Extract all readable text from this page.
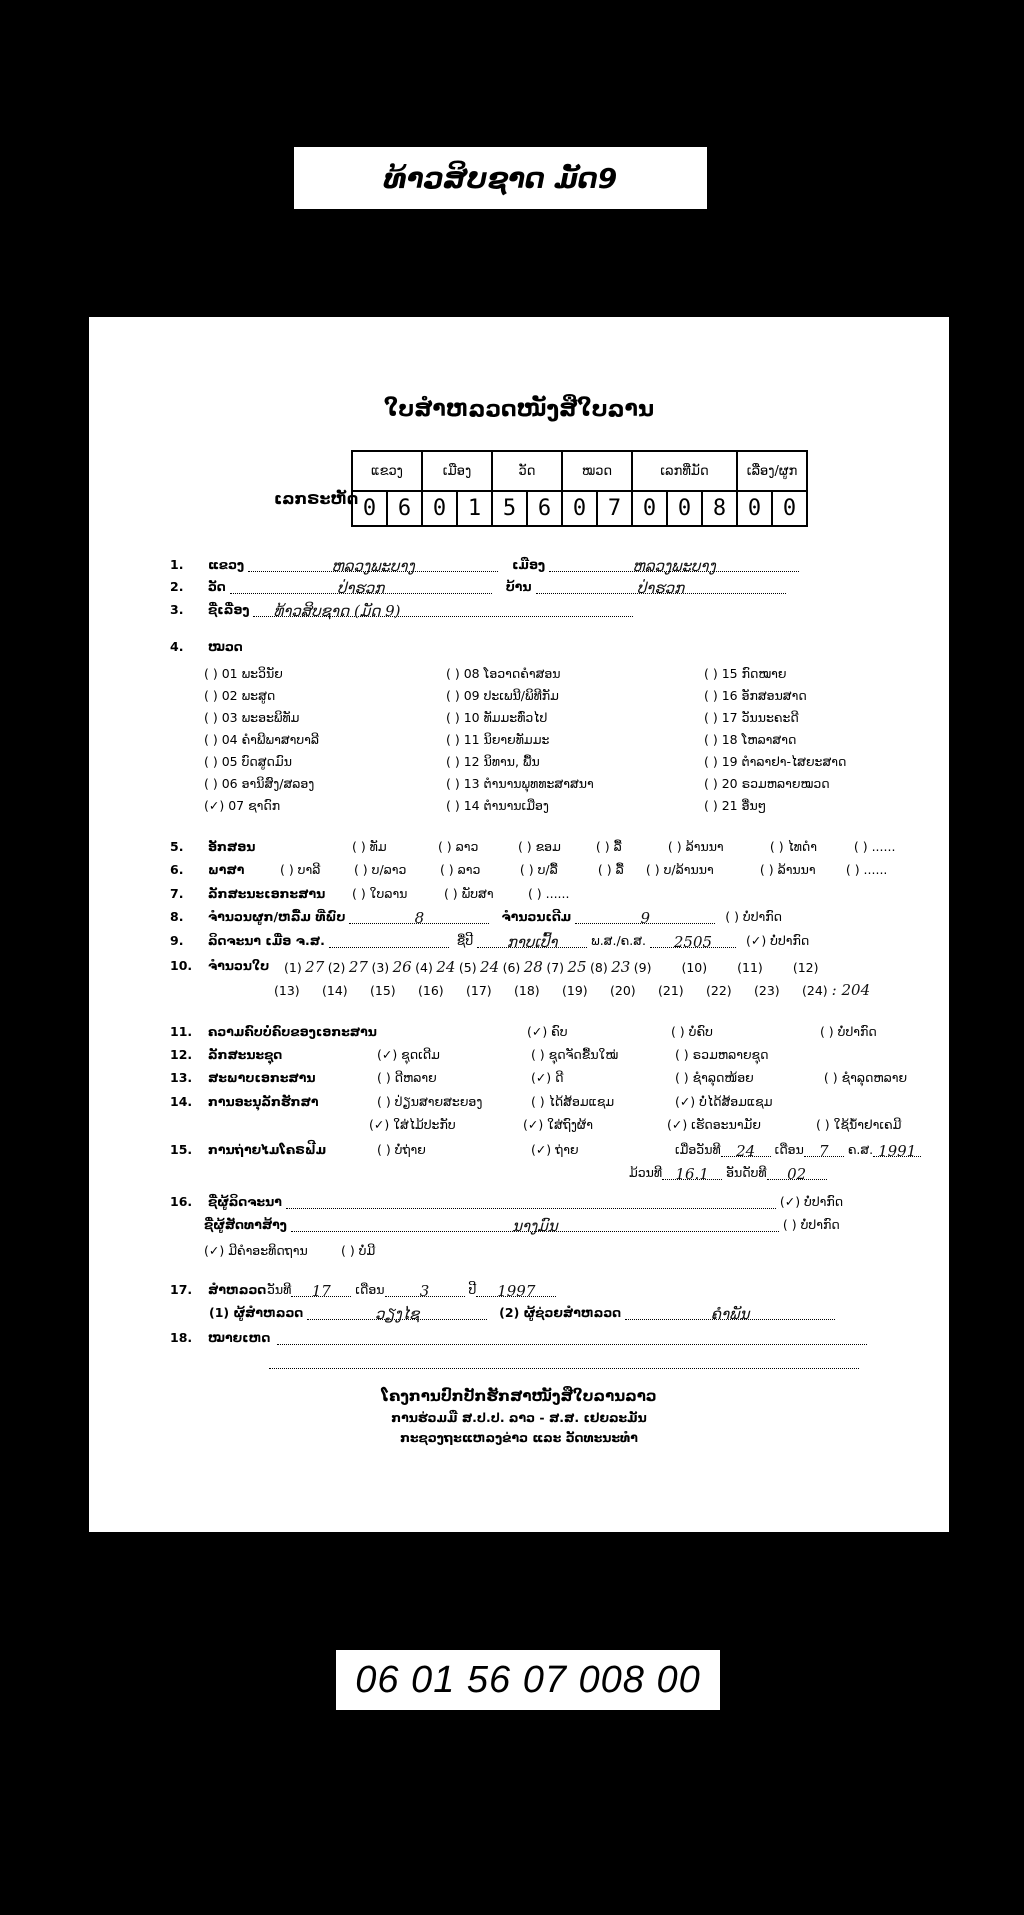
ທ້າວສິບຊາດ ມັດ9
ໃບສຳຫລວດໜັງສືໃບລານ
ເລກຣະຫັດ
ແຂວງ		ເມືອງ		ວັດ		ໝວດ		ເລກທີ່ມັດ			ເລື່ອງ/ຜູກ	
0	6	0	1	5	6	0	7	0	0	8	0	0
1. ແຂວງ	ຫລວງພະບາງ	ເມືອງ	ຫລວງພະບາງ
2. ວັດ	ປ່າຮວກ	ບ້ານ	ປ່າຮວກ
3. ຊື່ເລື່ອງ ທ້າວສິບຊາດ (ມັດ 9)
4. ໝວດ
( ) 01 ພະວິນັຍ
( ) 02 ພະສູດ
( ) 03 ພະອະພິທັມ
( ) 04 ຄຳພີພາສາບາລີ
( ) 05 ບົດສູດມົນ
( ) 06 ອານິສົງ/ສລອງ
(✓) 07 ຊາດົກ
( ) 08 ໂອວາດຄຳສອນ
( ) 09 ປະເພນີ/ພິທີກັມ
( ) 10 ທັມມະທົ່ວໄປ
( ) 11 ນິຍາຍທັມມະ
( ) 12 ນິທານ, ພື້ນ
( ) 13 ຕຳນານພຸທທະສາສນາ
( ) 14 ຕຳນານເມືອງ
( ) 15 ກົດໝາຍ
( ) 16 ອັກສອນສາດ
( ) 17 ວັນນະຄະດີ
( ) 18 ໂຫລາສາດ
( ) 19 ຕຳລາຢາ-ໄສຍະສາດ
( ) 20 ຣວມຫລາຍໝວດ
( ) 21 ອື່ນໆ
5. ອັກສອນ	( ) ທັມ	( ) ລາວ	( ) ຂອມ	( ) ລື້	( ) ລ້ານນາ	( ) ໄທດຳ	( ) ......
6. ພາສາ	( ) ບາລີ	( ) ບ/ລາວ	( ) ລາວ	( ) ບ/ລື້	( ) ລື້ ( ) ບ/ລ້ານນາ	( ) ລ້ານນາ ( ) ......
7. ລັກສະນະເອກະສານ ( ) ໃບລານ	( ) ພັບສາ	( ) ......
8. ຈຳນວນຜູກ/ຫລື້ມ ທີ່ພົບ	8	ຈຳນວນເດີມ	9	( ) ບໍ່ປາກົດ
9. ລິດຈະນາ ເມື່ອ ຈ.ສ.	ຊື່ປີ ກາບເປົ້າ	ພ.ສ./ຄ.ສ. 2505	(✓) ບໍ່ປາກົດ
10. ຈຳນວນໃບ	(1) 27 (2) 27 (3) 26 (4) 24 (5) 24 (6) 28 (7) 25 (8) 23 (9) (10) (11) (12)
(13) (14) (15) (16) (17) (18) (19) (20) (21) (22) (23) (24) : 204
11. ຄວາມຄົບບໍ່ຄົບຂອງເອກະສານ	(✓) ຄົບ	( ) ບໍ່ຄົບ	( ) ບໍ່ປາກົດ
12. ລັກສະນະຊຸດ	(✓) ຊຸດເດີມ	( ) ຊຸດຈັດຂື້ນໃໝ່	( ) ຣວມຫລາຍຊຸດ
13. ສະພາບເອກະສານ	( ) ດີຫລາຍ	(✓) ດີ	( ) ຊຳລຸດໜ້ອຍ	( ) ຊຳລຸດຫລາຍ
14. ການອະນຸລັກຮັກສາ	( ) ປ່ຽນສາຍສະຍອງ	( ) ໄດ້ສ້ອມແຊມ	(✓) ບໍ່ໄດ້ສ້ອມແຊມ
(✓) ໃສ່ໄມ້ປະກັບ	(✓) ໃສ່ຖົງຜ້າ	(✓) ເຮັດອະນາມັຍ	( ) ໃຊ້ນ້ຳຢາເຄມີ
15. ການຖ່າຍໄມໂຄຣຟີມ	( ) ບໍ່ຖ່າຍ	(✓) ຖ່າຍ	ເມື່ອວັນທີ 24 ເດືອນ 7 ຄ.ສ. 1991
ມ້ວນທີ 16.1 ອັນດັບທີ 02
16. ຊື່ຜູ້ລິດຈະນາ	(✓) ບໍ່ປາກົດ
ຊື່ຜູ້ສັດທາສ້າງ	ນາງມົນ	( ) ບໍ່ປາກົດ
(✓) ມີຄຳອະທິດຖານ	( ) ບໍ່ມີ
17. ສຳຫລວດ ວັນທີ 17 ເດືອນ 3	ປີ 1997
(1) ຜູ້ສຳຫລວດ	ວຽງໄຊ	(2) ຜູ້ຊ່ວຍສຳຫລວດ	ຄຳພັນ
18. ໝາຍເຫດ
ໂຄງການປົກປັກຮັກສາໜັງສືໃບລານລາວ
ການຮ່ວມມື ສ.ປ.ປ. ລາວ - ສ.ສ. ເຢຍລະມັນ
ກະຊວງຖະແຫລງຂ່າວ ແລະ ວັດທະນະທຳ
06 01 56 07 008 00
